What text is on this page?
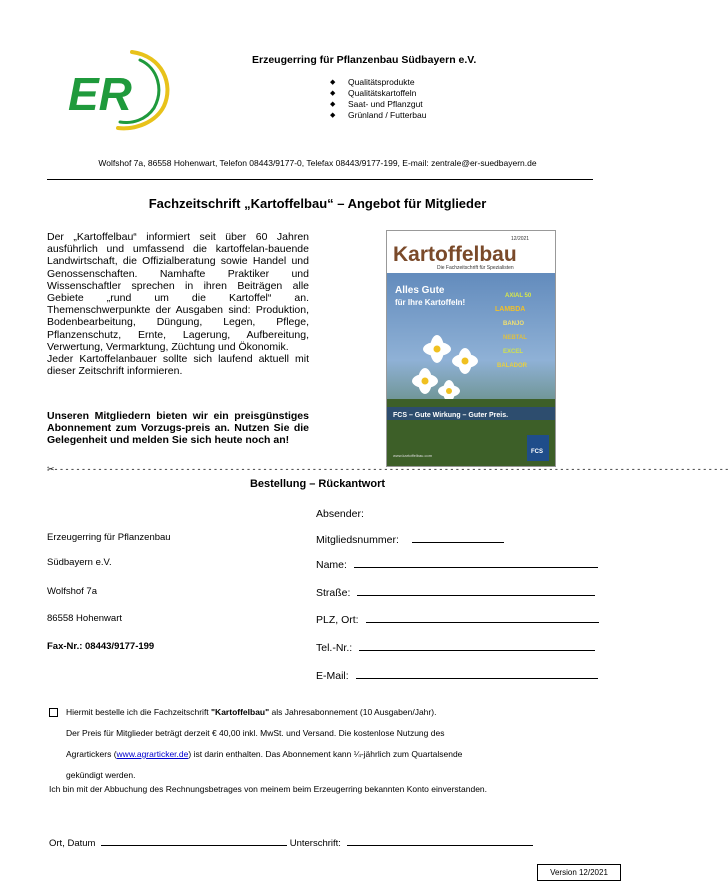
ER
Erzeugerring für Pflanzenbau Südbayern e.V.
◆ Qualitätsprodukte
◆ Qualitätskartoffeln
◆ Saat- und Pflanzgut
◆ Grünland / Futterbau
Wolfshof 7a, 86558 Hohenwart, Telefon 08443/9177-0, Telefax 08443/9177-199, E-mail: zentrale@er-suedbayern.de
Fachzeitschrift „Kartoffelbau“ – Angebot für Mitglieder

Der „Kartoffelbau“ informiert seit über 60 Jahren ausführlich und umfassend die kartoffelan-bauende Landwirtschaft, die Offizialberatung sowie Handel und Genossenschaften. Namhafte Praktiker und Wissenschaftler sprechen in ihren Beiträgen alle Gebiete „rund um die Kartoffel“ an. Themenschwerpunkte der Ausgaben sind: Produktion, Bodenbearbeitung, Düngung, Legen, Pflege, Pflanzenschutz, Ernte, Lagerung, Aufbereitung, Verwertung, Vermarktung, Züchtung und Ökonomik.

Jeder Kartoffelanbauer sollte sich laufend aktuell mit dieser Zeitschrift informieren.

Unseren Mitgliedern bieten wir ein preisgünstiges Abonnement zum Vorzugs-preis an. Nutzen Sie die Gelegenheit und melden Sie sich heute noch an!
12/2021
Kartoffelbau
Die Fachzeitschrift für Spezialisten
Alles Gute
für Ihre Kartoffeln!
AXIAL 50
LAMBDA
BANJO
NEBTAL
EXCEL
BALADOR
FCS – Gute Wirkung – Guter Preis.
www.kartoffelbau.com
FCS
✂- - - - - - - - - - - - - - - - - - - - - - - - - - - - - - - - - - - - - - - - - - - - - - - - - - - - - - - - - - - - - - - - - - - - - - - - - - - - - - - - - - - - - - - - - - - - - - - - - - - - - - - - - - - - - - - - - - - - - - - - - - -
Bestellung – Rückantwort
Erzeugerring für Pflanzenbau
Südbayern e.V.
Wolfshof 7a
86558 Hohenwart
Fax-Nr.: 08443/9177-199
Absender:
Mitgliedsnummer:
Name:
Straße:
PLZ, Ort:
Tel.-Nr.:
E-Mail:
Hiermit bestelle ich die Fachzeitschrift "Kartoffelbau" als Jahresabonnement (10 Ausgaben/Jahr).
Der Preis für Mitglieder beträgt derzeit € 40,00 inkl. MwSt. und Versand. Die kostenlose Nutzung des
Agrartickers (www.agrarticker.de) ist darin enthalten. Das Abonnement kann ¼-jährlich zum Quartalsende
gekündigt werden.
Ich bin mit der Abbuchung des Rechnungsbetrages von meinem beim Erzeugerring bekannten Konto einverstanden.
Ort, Datum	Unterschrift:
Version 12/2021
